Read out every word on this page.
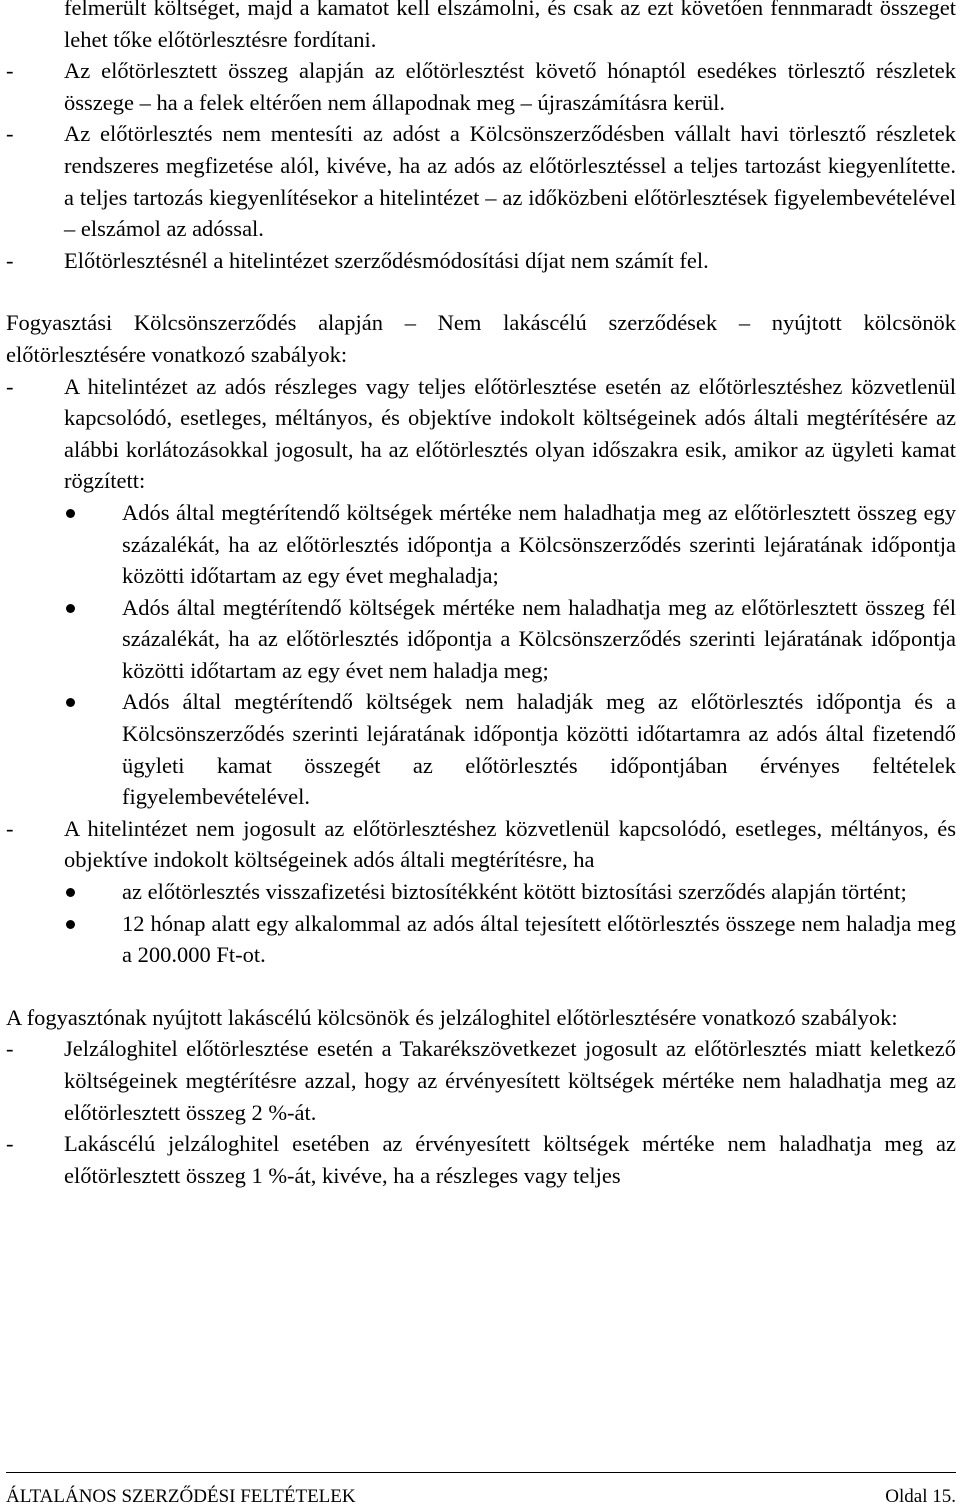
felmerült költséget, majd a kamatot kell elszámolni, és csak az ezt követően fennmaradt összeget lehet tőke előtörlesztésre fordítani.
- Az előtörlesztett összeg alapján az előtörlesztést követő hónaptól esedékes törlesztő részletek összege – ha a felek eltérően nem állapodnak meg – újraszámításra kerül.
- Az előtörlesztés nem mentesíti az adóst a Kölcsönszerződésben vállalt havi törlesztő részletek rendszeres megfizetése alól, kivéve, ha az adós az előtörlesztéssel a teljes tartozást kiegyenlítette. a teljes tartozás kiegyenlítésekor a hitelintézet – az időközbeni előtörlesztések figyelembevételével – elszámol az adóssal.
- Előtörlesztésnél a hitelintézet szerződésmódosítási díjat nem számít fel.
Fogyasztási Kölcsönszerződés alapján – Nem lakáscélú szerződések – nyújtott kölcsönök előtörlesztésére vonatkozó szabályok:
- A hitelintézet az adós részleges vagy teljes előtörlesztése esetén az előtörlesztéshez közvetlenül kapcsolódó, esetleges, méltányos, és objektíve indokolt költségeinek adós általi megtérítésére az alábbi korlátozásokkal jogosult, ha az előtörlesztés olyan időszakra esik, amikor az ügyleti kamat rögzített:
Adós által megtérítendő költségek mértéke nem haladhatja meg az előtörlesztett összeg egy százalékát, ha az előtörlesztés időpontja a Kölcsönszerződés szerinti lejáratának időpontja közötti időtartam az egy évet meghaladja;
Adós által megtérítendő költségek mértéke nem haladhatja meg az előtörlesztett összeg fél százalékát, ha az előtörlesztés időpontja a Kölcsönszerződés szerinti lejáratának időpontja közötti időtartam az egy évet nem haladja meg;
Adós által megtérítendő költségek nem haladják meg az előtörlesztés időpontja és a Kölcsönszerződés szerinti lejáratának időpontja közötti időtartamra az adós által fizetendő ügyleti kamat összegét az előtörlesztés időpontjában érvényes feltételek figyelembevételével.
- A hitelintézet nem jogosult az előtörlesztéshez közvetlenül kapcsolódó, esetleges, méltányos, és objektíve indokolt költségeinek adós általi megtérítésre, ha
az előtörlesztés visszafizetési biztosítékként kötött biztosítási szerződés alapján történt;
12 hónap alatt egy alkalommal az adós által tejesített előtörlesztés összege nem haladja meg a 200.000 Ft-ot.
A fogyasztónak nyújtott lakáscélú kölcsönök és jelzáloghitel előtörlesztésére vonatkozó szabályok:
- Jelzáloghitel előtörlesztése esetén a Takarékszövetkezet jogosult az előtörlesztés miatt keletkező költségeinek megtérítésre azzal, hogy az érvényesített költségek mértéke nem haladhatja meg az előtörlesztett összeg 2 %-át.
- Lakáscélú jelzáloghitel esetében az érvényesített költségek mértéke nem haladhatja meg az előtörlesztett összeg 1 %-át, kivéve, ha a részleges vagy teljes
ÁLTALÁNOS SZERZŐDÉSI FELTÉTELEK	Oldal 15.
